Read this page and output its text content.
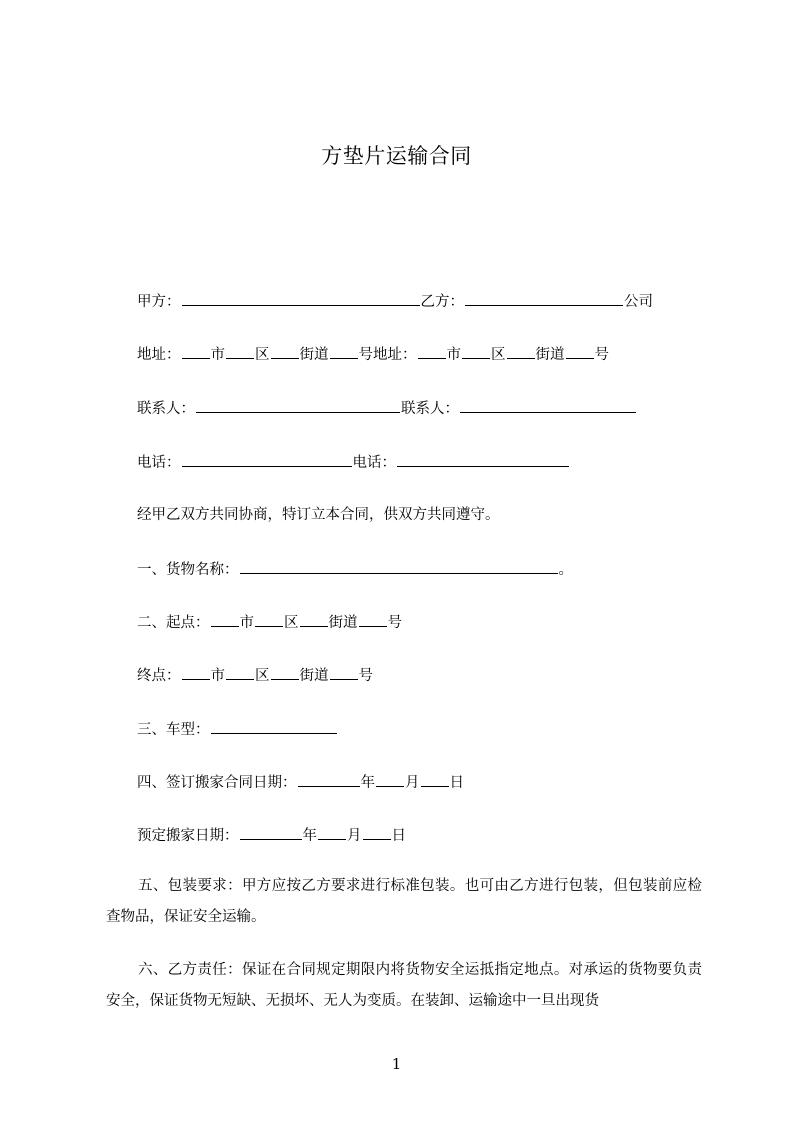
方垫片运输合同
甲方：	乙方：	公司
地址： 市 区 街道 号地址： 市 区 街道 号
联系人：	联系人：
电话：	电话：
经甲乙双方共同协商，特订立本合同，供双方共同遵守。
一、货物名称：	。
二、起点： 市 区 街道 号
终点： 市 区 街道 号
三、车型：
四、签订搬家合同日期：	年 月 日
预定搬家日期：	年 月 日
五、包装要求：甲方应按乙方要求进行标准包装。也可由乙方进行包装，但包装前应检查物品，保证安全运输。
六、乙方责任：保证在合同规定期限内将货物安全运抵指定地点。对承运的货物要负责安全，保证货物无短缺、无损坏、无人为变质。在装卸、运输途中一旦出现货
1
